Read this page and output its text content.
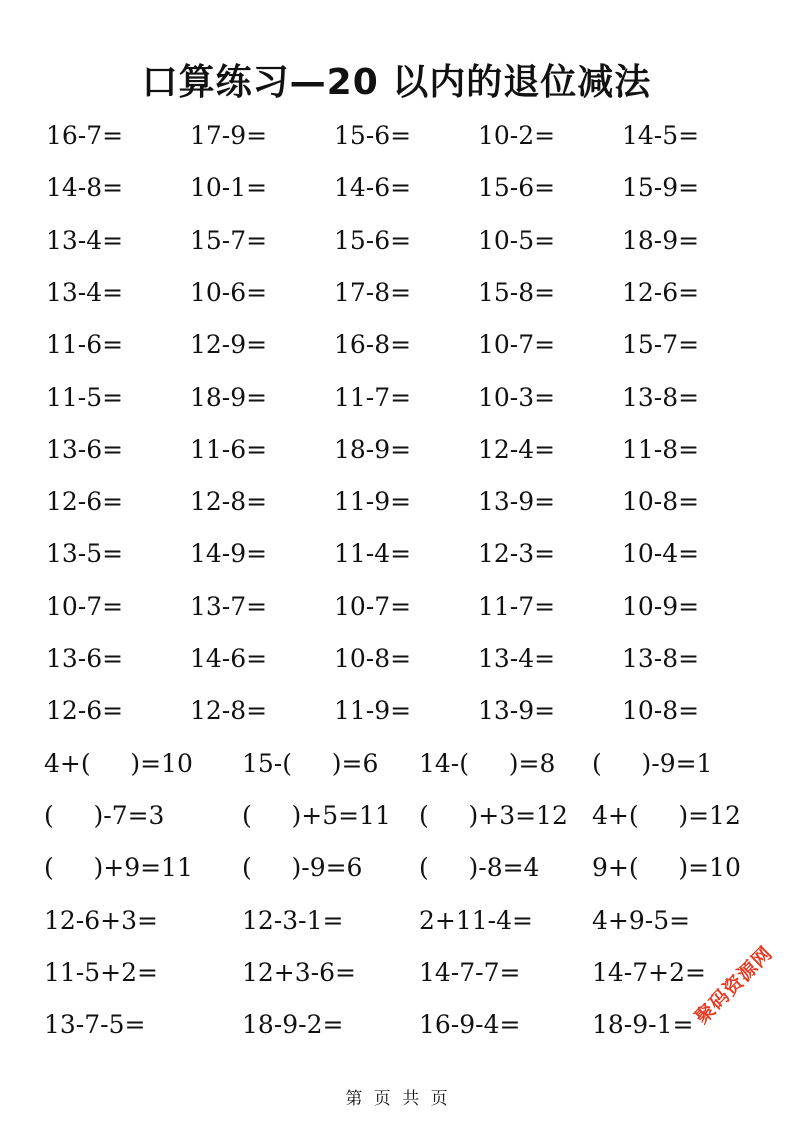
口算练习—20 以内的退位减法
16-7=	17-9=	15-6=	10-2=	14-5=
14-8=	10-1=	14-6=	15-6=	15-9=
13-4=	15-7=	15-6=	10-5=	18-9=
13-4=	10-6=	17-8=	15-8=	12-6=
11-6=	12-9=	16-8=	10-7=	15-7=
11-5=	18-9=	11-7=	10-3=	13-8=
13-6=	11-6=	18-9=	12-4=	11-8=
12-6=	12-8=	11-9=	13-9=	10-8=
13-5=	14-9=	11-4=	12-3=	10-4=
10-7=	13-7=	10-7=	11-7=	10-9=
13-6=	14-6=	10-8=	13-4=	13-8=
12-6=	12-8=	11-9=	13-9=	10-8=
4+(     )=10 15-(     )=6 14-(     )=8 (     )-9=1
(     )-7=3	(     )+5=11 (     )+3=12 4+(     )=12
(     )+9=11 (     )-9=6 (     )-8=4 9+(     )=10
12-6+3=	12-3-1=	2+11-4= 4+9-5=
11-5+2=	12+3-6=	14-7-7=	14-7+2=
13-7-5=	18-9-2=	16-9-4=	18-9-1=
第 页 共 页
聚码资源网
